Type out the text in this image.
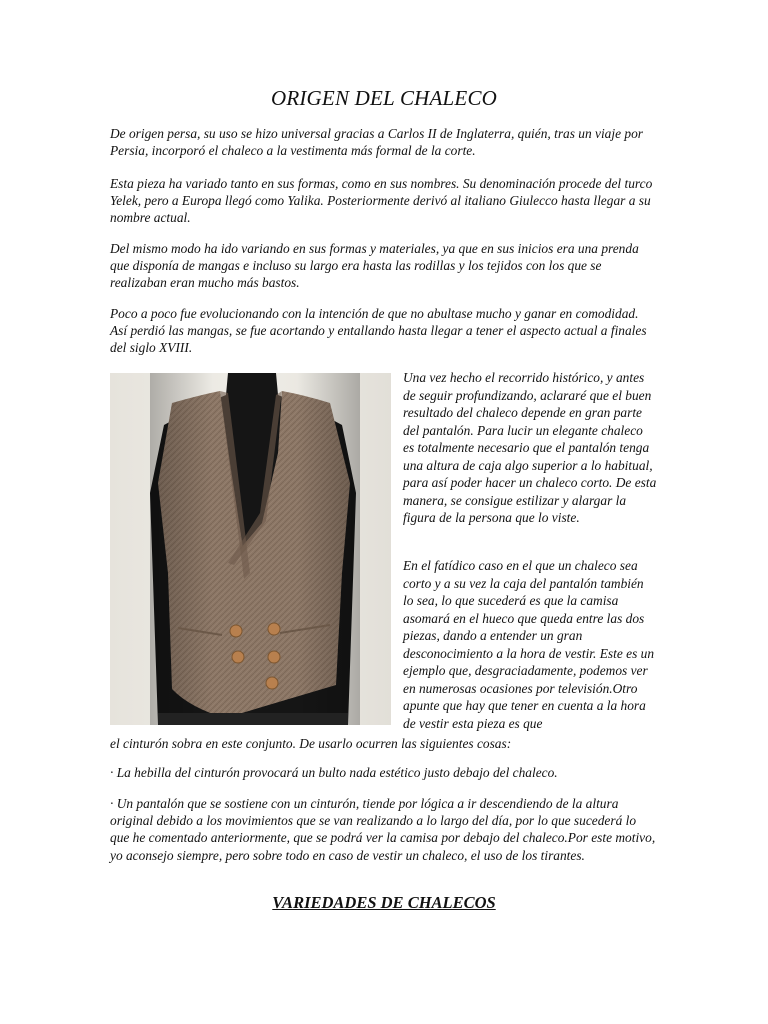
ORIGEN DEL CHALECO

De origen persa, su uso se hizo universal gracias a Carlos II de Inglaterra, quién, tras un viaje por Persia, incorporó el chaleco a la vestimenta más formal de la corte.

Esta pieza ha variado tanto en sus formas, como en sus nombres. Su denominación procede del turco Yelek, pero a Europa llegó como Yalika. Posteriormente derivó al italiano Giulecco hasta llegar a su nombre actual.

Del mismo modo ha ido variando en sus formas y materiales, ya que en sus inicios era una prenda que disponía de mangas e incluso su largo era hasta las rodillas y los tejidos con los que se realizaban eran mucho más bastos.

Poco a poco fue evolucionando con la intención de que no abultase mucho y ganar en comodidad. Así perdió las mangas, se fue acortando y entallando hasta llegar a tener el aspecto actual a finales del siglo XVIII.

Una vez hecho el recorrido histórico, y antes de seguir profundizando, aclararé que el buen resultado del chaleco depende en gran parte del pantalón. Para lucir un elegante chaleco es totalmente necesario que el pantalón tenga una altura de caja algo superior a lo habitual, para así poder hacer un chaleco corto. De esta manera, se consigue estilizar y alargar la figura de la persona que lo viste.

En el fatídico caso en el que un chaleco sea corto y a su vez la caja del pantalón también lo sea, lo que sucederá es que la camisa asomará en el hueco que queda entre las dos piezas, dando a entender un gran desconocimiento a la hora de vestir. Este es un ejemplo que, desgraciadamente, podemos ver en numerosas ocasiones por televisión.Otro apunte que hay que tener en cuenta a la hora de vestir esta pieza es que

el cinturón sobra en este conjunto. De usarlo ocurren las siguientes cosas:

· La hebilla del cinturón provocará un bulto nada estético justo debajo del chaleco.

· Un pantalón que se sostiene con un cinturón, tiende por lógica a ir descendiendo de la altura original debido a los movimientos que se van realizando a lo largo del día, por lo que sucederá lo que he comentado anteriormente, que se podrá ver la camisa por debajo del chaleco.Por este motivo, yo aconsejo siempre, pero sobre todo en caso de vestir un chaleco, el uso de los tirantes.

VARIEDADES DE CHALECOS
